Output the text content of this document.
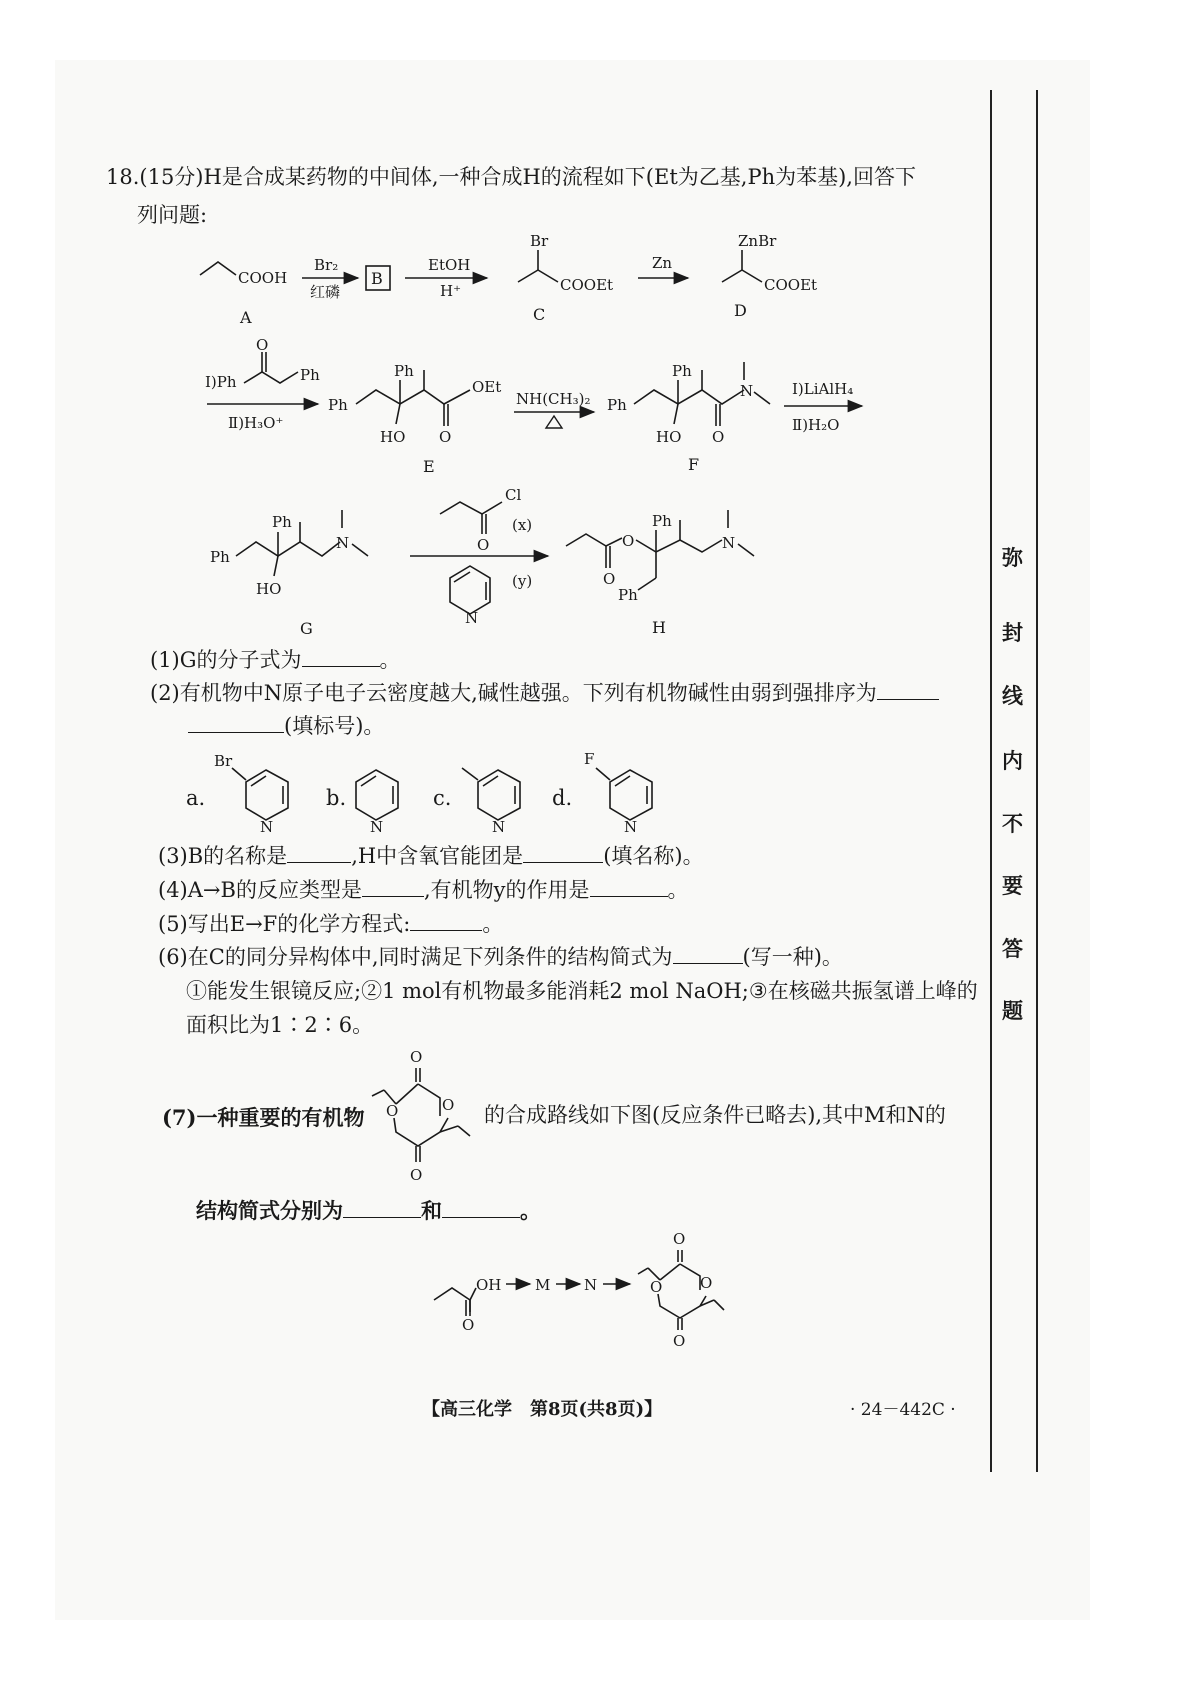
弥
封
线
内
不
要
答
题
18.(15分)H是合成某药物的中间体,一种合成H的流程如下(Et为乙基,Ph为苯基),回答下
列问题:
COOH
A
Br₂
红磷
B
EtOH
H⁺
Br
COOEt
C
Zn
ZnBr
COOEt
D
Ⅰ)Ph
O
Ph
Ⅱ)H₃O⁺
Ph
Ph
HO O
OEt
E
NH(CH₃)₂ Ph
Ph
HO O
N
F
Ⅰ)LiAlH₄
Ⅱ)H₂O
Ph
Ph
HO
N
G
O
Cl
(x)
N
(y)	O
O
Ph
Ph
N
H
Br
N	N	N
F
N
O
O
O
O
O
OH M N
O
O
O
O
(1)G的分子式为	。
(2)有机物中N原子电子云密度越大,碱性越强。下列有机物碱性由弱到强排序为
(填标号)。
a.	b.	c.	d.
(3)B的名称是	,H中含氧官能团是	(填名称)。
(4)A→B的反应类型是	,有机物y的作用是	。
(5)写出E→F的化学方程式:	。
(6)在C的同分异构体中,同时满足下列条件的结构简式为	(写一种)。
①能发生银镜反应;②1 mol有机物最多能消耗2 mol NaOH;③在核磁共振氢谱上峰的
面积比为1∶2∶6。
(7)一种重要的有机物	的合成路线如下图(反应条件已略去),其中M和N的
结构简式分别为	和	。
【高三化学　第8页(共8页)】	· 24－442C ·
